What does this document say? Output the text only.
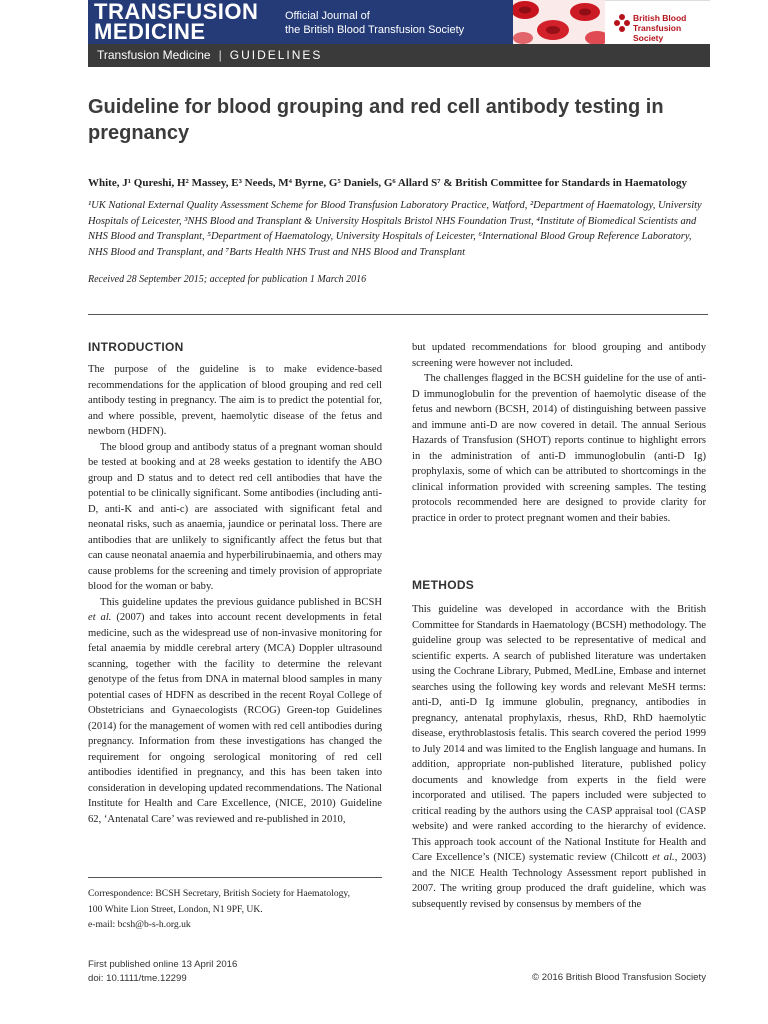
TRANSFUSION
MEDICINE
Official Journal of
the British Blood Transfusion Society
British Blood
Transfusion Society
Transfusion Medicine | GUIDELINES
Guideline for blood grouping and red cell antibody testing in pregnancy
White, J¹ Qureshi, H² Massey, E³ Needs, M⁴ Byrne, G⁵ Daniels, G⁶ Allard S⁷ & British Committee for Standards in Haematology
¹UK National External Quality Assessment Scheme for Blood Transfusion Laboratory Practice, Watford, ²Department of Haematology, University Hospitals of Leicester, ³NHS Blood and Transplant & University Hospitals Bristol NHS Foundation Trust, ⁴Institute of Biomedical Scientists and NHS Blood and Transplant, ⁵Department of Haematology, University Hospitals of Leicester, ⁶International Blood Group Reference Laboratory, NHS Blood and Transplant, and ⁷Barts Health NHS Trust and NHS Blood and Transplant
Received 28 September 2015; accepted for publication 1 March 2016
INTRODUCTION

The purpose of the guideline is to make evidence-based recommendations for the application of blood grouping and red cell antibody testing in pregnancy. The aim is to predict the potential for, and where possible, prevent, haemolytic disease of the fetus and newborn (HDFN).

The blood group and antibody status of a pregnant woman should be tested at booking and at 28 weeks gestation to identify the ABO group and D status and to detect red cell antibodies that have the potential to be clinically significant. Some antibodies (including anti-D, anti-K and anti-c) are associated with significant fetal and neonatal risks, such as anaemia, jaundice or perinatal loss. There are antibodies that are unlikely to significantly affect the fetus but that can cause neonatal anaemia and hyperbilirubinaemia, and others may cause problems for the screening and timely provision of appropriate blood for the woman or baby.

This guideline updates the previous guidance published in BCSH et al. (2007) and takes into account recent developments in fetal medicine, such as the widespread use of non-invasive monitoring for fetal anaemia by middle cerebral artery (MCA) Doppler ultrasound scanning, together with the facility to determine the relevant genotype of the fetus from DNA in maternal blood samples in many potential cases of HDFN as described in the recent Royal College of Obstetricians and Gynaecologists (RCOG) Green-top Guidelines (2014) for the management of women with red cell antibodies during pregnancy. Information from these investigations has changed the requirement for ongoing serological monitoring of red cell antibodies identified in pregnancy, and this has been taken into consideration in developing updated recommendations. The National Institute for Health and Care Excellence, (NICE, 2010) Guideline 62, ‘Antenatal Care’ was reviewed and re-published in 2010,

but updated recommendations for blood grouping and antibody screening were however not included.

The challenges flagged in the BCSH guideline for the use of anti-D immunoglobulin for the prevention of haemolytic disease of the fetus and newborn (BCSH, 2014) of distinguishing between passive and immune anti-D are now covered in detail. The annual Serious Hazards of Transfusion (SHOT) reports continue to highlight errors in the administration of anti-D immunoglobulin (anti-D Ig) prophylaxis, some of which can be attributed to shortcomings in the clinical information provided with screening samples. The testing protocols recommended here are designed to provide clarity for practice in order to protect pregnant women and their babies.

METHODS

This guideline was developed in accordance with the British Committee for Standards in Haematology (BCSH) methodology. The guideline group was selected to be representative of medical and scientific experts. A search of published literature was undertaken using the Cochrane Library, Pubmed, MedLine, Embase and internet searches using the following key words and relevant MeSH terms: anti-D, anti-D Ig immune globulin, pregnancy, antibodies in pregnancy, antenatal prophylaxis, rhesus, RhD, RhD haemolytic disease, erythroblastosis fetalis. This search covered the period 1999 to July 2014 and was limited to the English language and humans. In addition, appropriate non-published literature, published policy documents and knowledge from experts in the field were incorporated and utilised. The papers included were subjected to critical reading by the authors using the CASP appraisal tool (CASP website) and were ranked according to the hierarchy of evidence. This approach took account of the National Institute for Health and Care Excellence’s (NICE) systematic review (Chilcott et al., 2003) and the NICE Health Technology Assessment report published in 2007. The writing group produced the draft guideline, which was subsequently revised by consensus by members of the

Correspondence: BCSH Secretary, British Society for Haematology,
100 White Lion Street, London, N1 9PF, UK.
e-mail: bcsh@b-s-h.org.uk
First published online 13 April 2016
doi: 10.1111/tme.12299	© 2016 British Blood Transfusion Society
